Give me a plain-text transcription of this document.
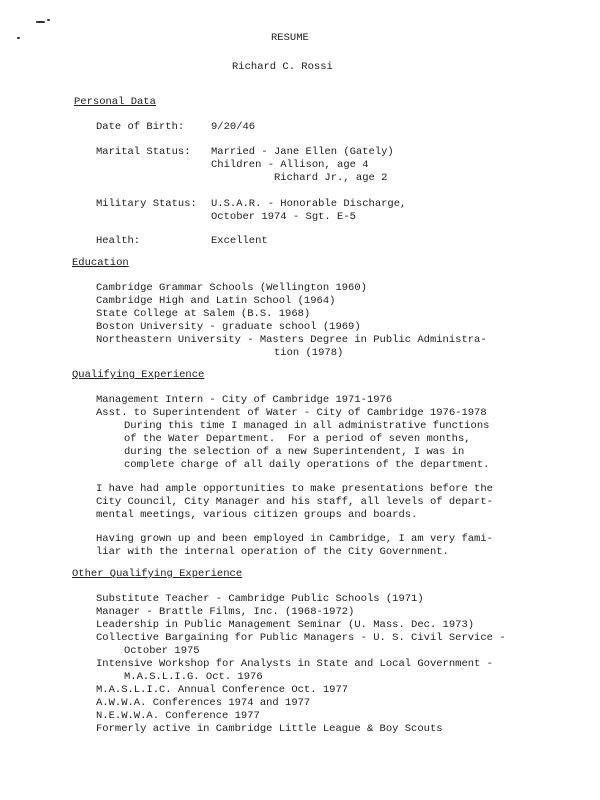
RESUME
Richard C. Rossi
Personal Data
Date of Birth:	9/20/46
Marital Status: Married - Jane Ellen (Gately)
Children - Allison, age 4
Richard Jr., age 2
Military Status: U.S.A.R. - Honorable Discharge,
October 1974 - Sgt. E-5
Health:	Excellent
Education
Cambridge Grammar Schools (Wellington 1960)
Cambridge High and Latin School (1964)
State College at Salem (B.S. 1968)
Boston University - graduate school (1969)
Northeastern University - Masters Degree in Public Administra-
tion (1978)
Qualifying Experience
Management Intern - City of Cambridge 1971-1976
Asst. to Superintendent of Water - City of Cambridge 1976-1978
During this time I managed in all administrative functions
of the Water Department.  For a period of seven months,
during the selection of a new Superintendent, I was in
complete charge of all daily operations of the department.
I have had ample opportunities to make presentations before the
City Council, City Manager and his staff, all levels of depart-
mental meetings, various citizen groups and boards.
Having grown up and been employed in Cambridge, I am very fami-
liar with the internal operation of the City Government.
Other Qualifying Experience
Substitute Teacher - Cambridge Public Schools (1971)
Manager - Brattle Films, Inc. (1968-1972)
Leadership in Public Management Seminar (U. Mass. Dec. 1973)
Collective Bargaining for Public Managers - U. S. Civil Service -
October 1975
Intensive Workshop for Analysts in State and Local Government -
M.A.S.L.I.G. Oct. 1976
M.A.S.L.I.C. Annual Conference Oct. 1977
A.W.W.A. Conferences 1974 and 1977
N.E.W.W.A. Conference 1977
Formerly active in Cambridge Little League & Boy Scouts
